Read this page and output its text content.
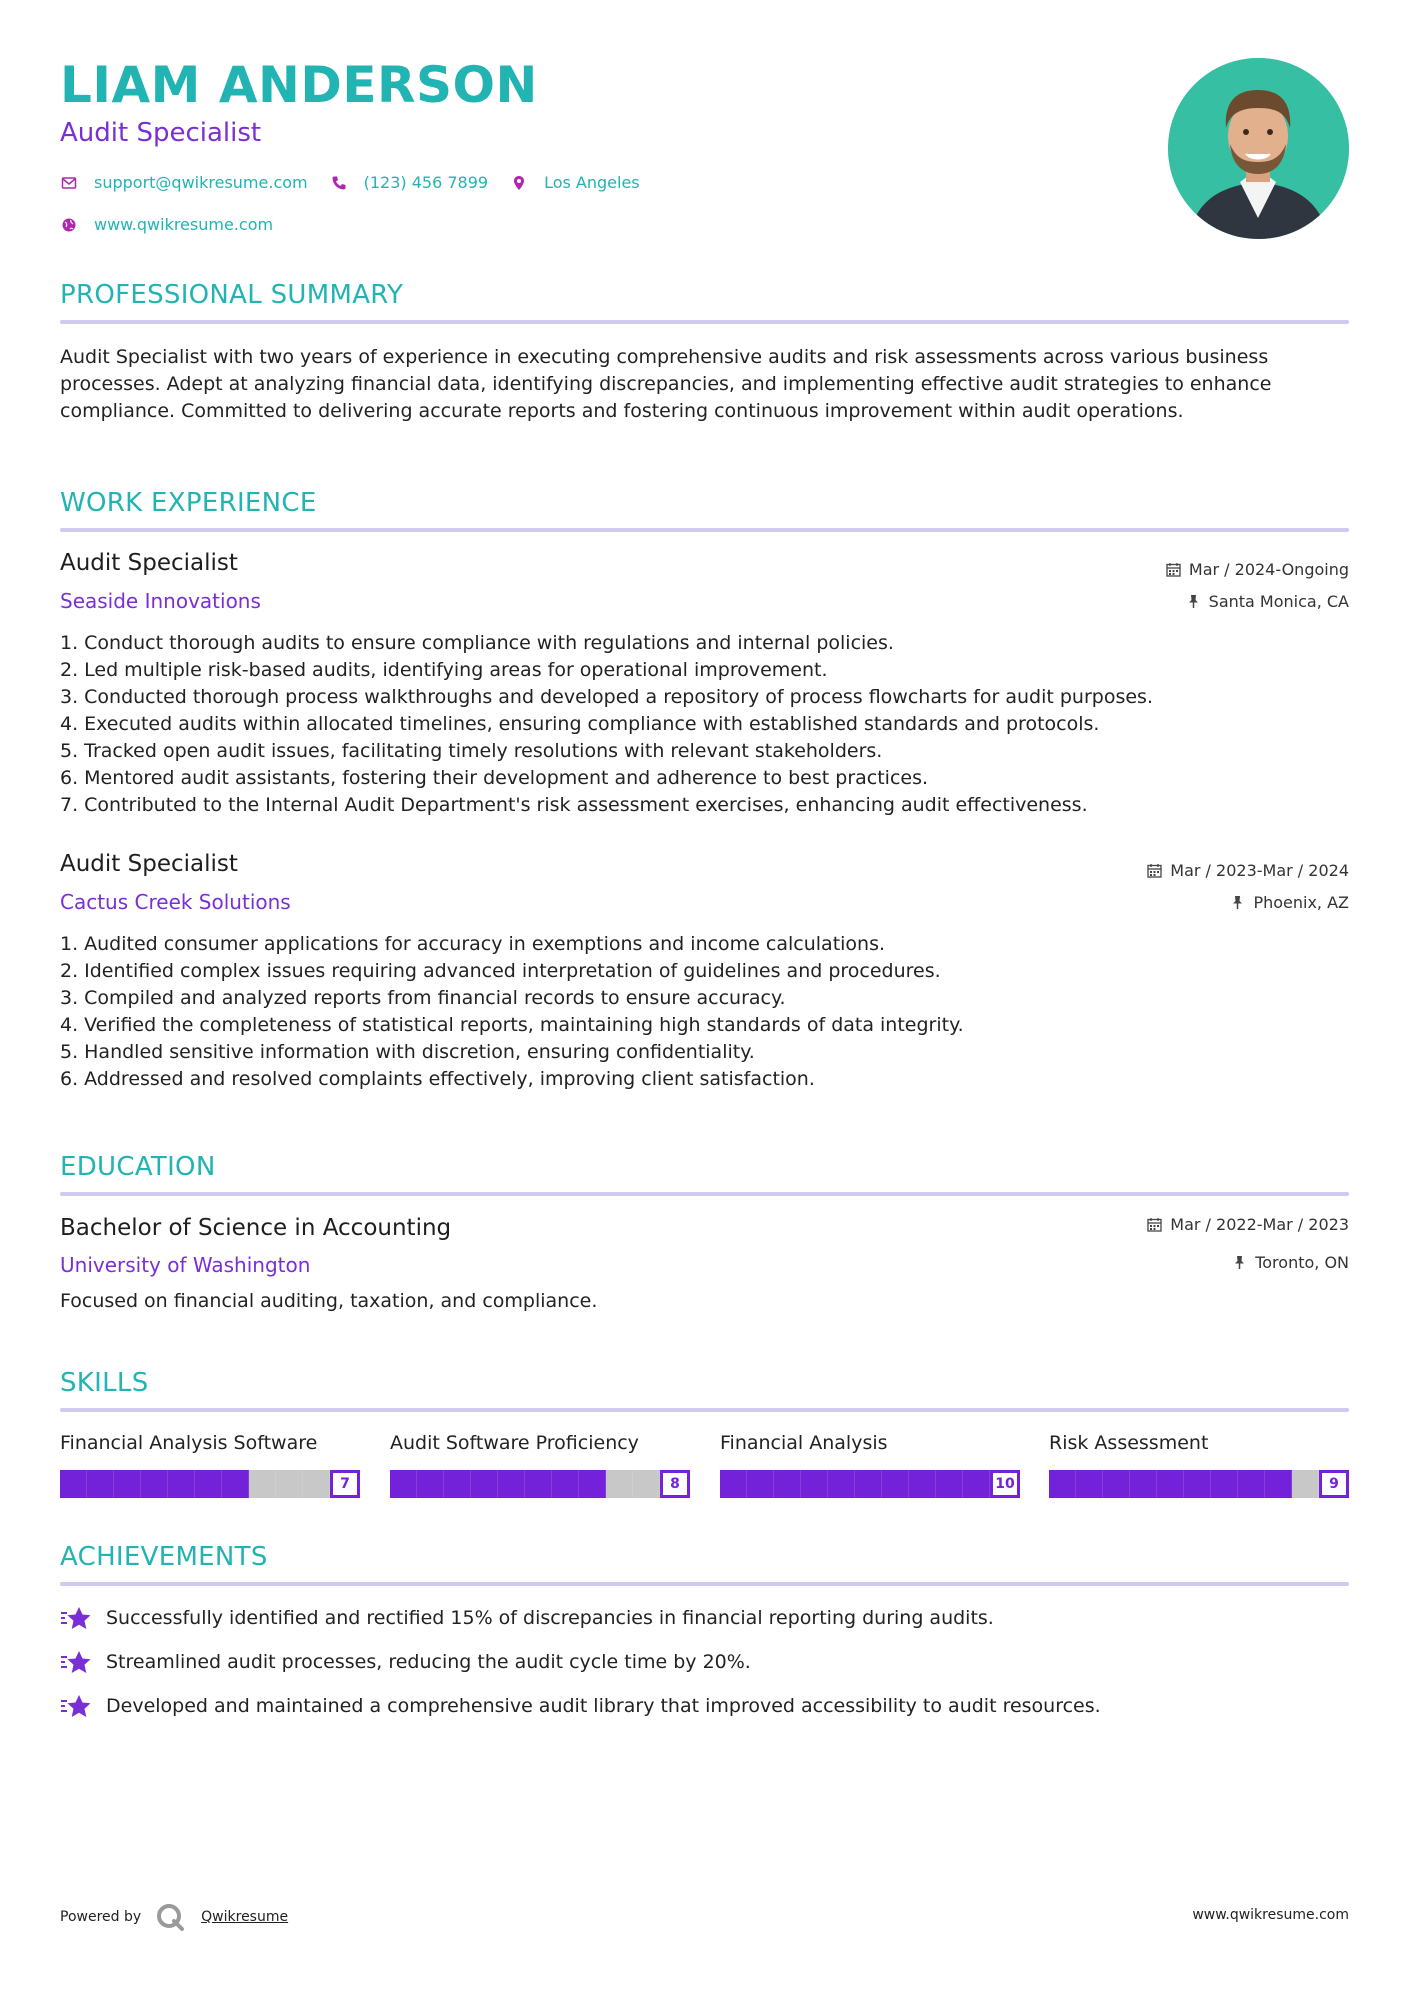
LIAM ANDERSON
Audit Specialist
support@qwikresume.com	(123) 456 7899	Los Angeles
www.qwikresume.com
PROFESSIONAL SUMMARY
Audit Specialist with two years of experience in executing comprehensive audits and risk assessments across various business processes. Adept at analyzing financial data, identifying discrepancies, and implementing effective audit strategies to enhance compliance. Committed to delivering accurate reports and fostering continuous improvement within audit operations.
WORK EXPERIENCE
Audit Specialist
Seaside Innovations
Mar / 2024-Ongoing
Santa Monica, CA
1. Conduct thorough audits to ensure compliance with regulations and internal policies.
2. Led multiple risk-based audits, identifying areas for operational improvement.
3. Conducted thorough process walkthroughs and developed a repository of process flowcharts for audit purposes.
4. Executed audits within allocated timelines, ensuring compliance with established standards and protocols.
5. Tracked open audit issues, facilitating timely resolutions with relevant stakeholders.
6. Mentored audit assistants, fostering their development and adherence to best practices.
7. Contributed to the Internal Audit Department's risk assessment exercises, enhancing audit effectiveness.
Audit Specialist
Cactus Creek Solutions
Mar / 2023-Mar / 2024
Phoenix, AZ
1. Audited consumer applications for accuracy in exemptions and income calculations.
2. Identified complex issues requiring advanced interpretation of guidelines and procedures.
3. Compiled and analyzed reports from financial records to ensure accuracy.
4. Verified the completeness of statistical reports, maintaining high standards of data integrity.
5. Handled sensitive information with discretion, ensuring confidentiality.
6. Addressed and resolved complaints effectively, improving client satisfaction.
EDUCATION
Bachelor of Science in Accounting
University of Washington
Mar / 2022-Mar / 2023
Toronto, ON
Focused on financial auditing, taxation, and compliance.
SKILLS
Financial Analysis Software
7
Audit Software Proficiency
8
Financial Analysis
10
Risk Assessment
9
ACHIEVEMENTS
Successfully identified and rectified 15% of discrepancies in financial reporting during audits.
Streamlined audit processes, reducing the audit cycle time by 20%.
Developed and maintained a comprehensive audit library that improved accessibility to audit resources.
Powered by	Qwikresume	www.qwikresume.com
